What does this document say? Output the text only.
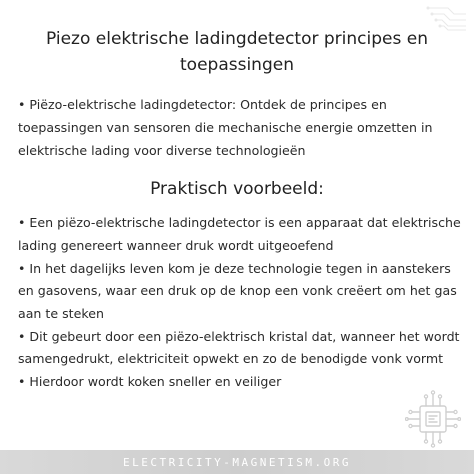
Piezo elektrische ladingdetector principes en toepassingen
• Piëzo-elektrische ladingdetector: Ontdek de principes en toepassingen van sensoren die mechanische energie omzetten in elektrische lading voor diverse technologieën
Praktisch voorbeeld:
• Een piëzo-elektrische ladingdetector is een apparaat dat elektrische lading genereert wanneer druk wordt uitgeoefend
• In het dagelijks leven kom je deze technologie tegen in aanstekers en gasovens, waar een druk op de knop een vonk creëert om het gas aan te steken
• Dit gebeurt door een piëzo-elektrisch kristal dat, wanneer het wordt samengedrukt, elektriciteit opwekt en zo de benodigde vonk vormt
• Hierdoor wordt koken sneller en veiliger
ELECTRICITY-MAGNETISM.ORG
